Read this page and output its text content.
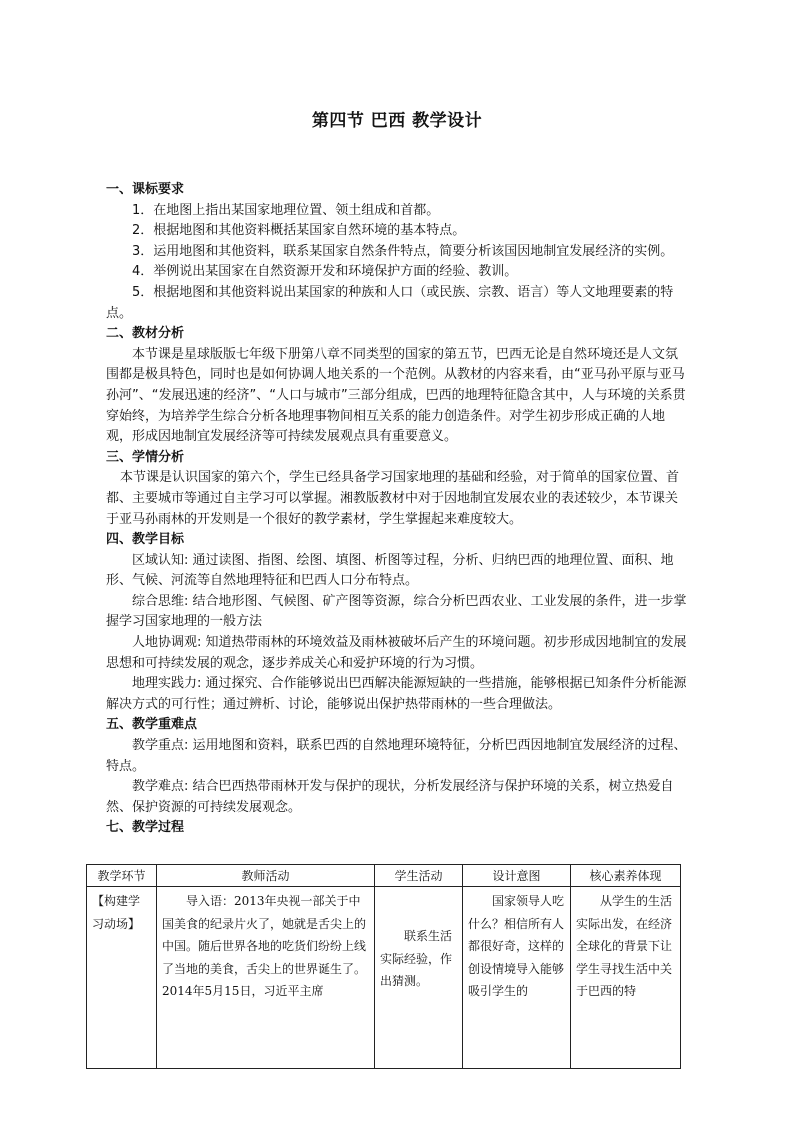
第四节 巴西 教学设计

一、课标要求

1．在地图上指出某国家地理位置、领土组成和首都。

2．根据地图和其他资料概括某国家自然环境的基本特点。

3．运用地图和其他资料，联系某国家自然条件特点，简要分析该国因地制宜发展经济的实例。

4．举例说出某国家在自然资源开发和环境保护方面的经验、教训。

5．根据地图和其他资料说出某国家的种族和人口（或民族、宗教、语言）等人文地理要素的特点。

二、教材分析

本节课是星球版版七年级下册第八章不同类型的国家的第五节，巴西无论是自然环境还是人文氛围都是极具特色，同时也是如何协调人地关系的一个范例。从教材的内容来看，由“亚马孙平原与亚马孙河”、“发展迅速的经济”、“人口与城市”三部分组成，巴西的地理特征隐含其中，人与环境的关系贯穿始终，为培养学生综合分析各地理事物间相互关系的能力创造条件。对学生初步形成正确的人地观，形成因地制宜发展经济等可持续发展观点具有重要意义。

三、学情分析

本节课是认识国家的第六个，学生已经具备学习国家地理的基础和经验，对于简单的国家位置、首都、主要城市等通过自主学习可以掌握。湘教版教材中对于因地制宜发展农业的表述较少，本节课关于亚马孙雨林的开发则是一个很好的教学素材，学生掌握起来难度较大。

四、教学目标

区域认知: 通过读图、指图、绘图、填图、析图等过程，分析、归纳巴西的地理位置、面积、地形、气候、河流等自然地理特征和巴西人口分布特点。

综合思维: 结合地形图、气候图、矿产图等资源，综合分析巴西农业、工业发展的条件，进一步掌握学习国家地理的一般方法

人地协调观: 知道热带雨林的环境效益及雨林被破坏后产生的环境问题。初步形成因地制宜的发展思想和可持续发展的观念，逐步养成关心和爱护环境的行为习惯。

地理实践力: 通过探究、合作能够说出巴西解决能源短缺的一些措施，能够根据已知条件分析能源解决方式的可行性；通过辨析、讨论，能够说出保护热带雨林的一些合理做法。

五、教学重难点

教学重点: 运用地图和资料，联系巴西的自然地理环境特征，分析巴西因地制宜发展经济的过程、特点。

教学难点: 结合巴西热带雨林开发与保护的现状，分析发展经济与保护环境的关系，树立热爱自然、保护资源的可持续发展观念。

七、教学过程

教学环节	教师活动	学生活动	设计意图	核心素养体现
【构建学习动场】	导入语：2013年央视一部关于中国美食的纪录片火了，她就是舌尖上的中国。随后世界各地的吃货们纷纷上线了当地的美食，舌尖上的世界诞生了。2014年5月15日，习近平主席	联系生活实际经验，作出猜测。	国家领导人吃什么？相信所有人都很好奇，这样的创设情境导入能够吸引学生的	从学生的生活实际出发，在经济全球化的背景下让学生寻找生活中关于巴西的特
